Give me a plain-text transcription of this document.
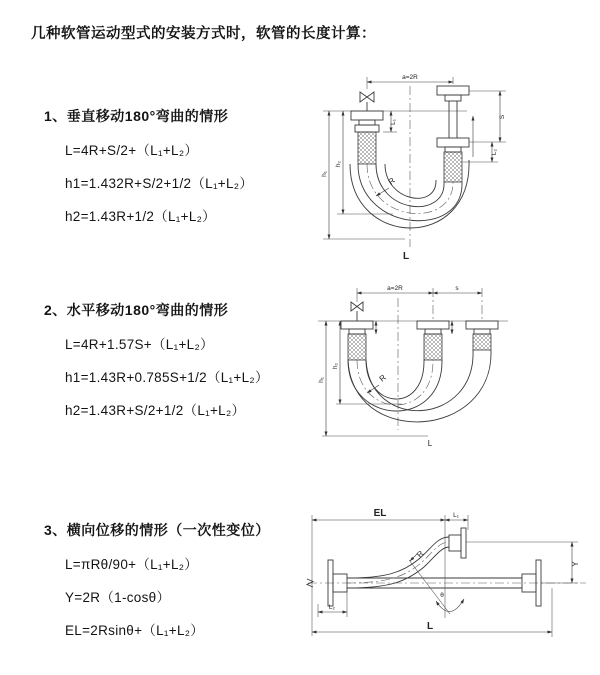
几种软管运动型式的安装方式时，软管的长度计算：
1、垂直移动180°弯曲的情形
L=4R+S/2+（L₁+L₂）
h1=1.432R+S/2+1/2（L₁+L₂）
h2=1.43R+1/2（L₁+L₂）
a=2R
L₁
S
L₂
R
h₁
h₂
L
2、水平移动180°弯曲的情形
L=4R+1.57S+（L₁+L₂）
h1=1.43R+0.785S+1/2（L₁+L₂）
h2=1.43R+S/2+1/2（L₁+L₂）
a=2R	s
R
h₁
h₂
L
3、横向位移的情形（一次性变位）
L=πRθ/90+（L₁+L₂）
Y=2R（1-cosθ）
EL=2Rsinθ+（L₁+L₂）
EL	L₁
R
θ
Y
L₂
L
